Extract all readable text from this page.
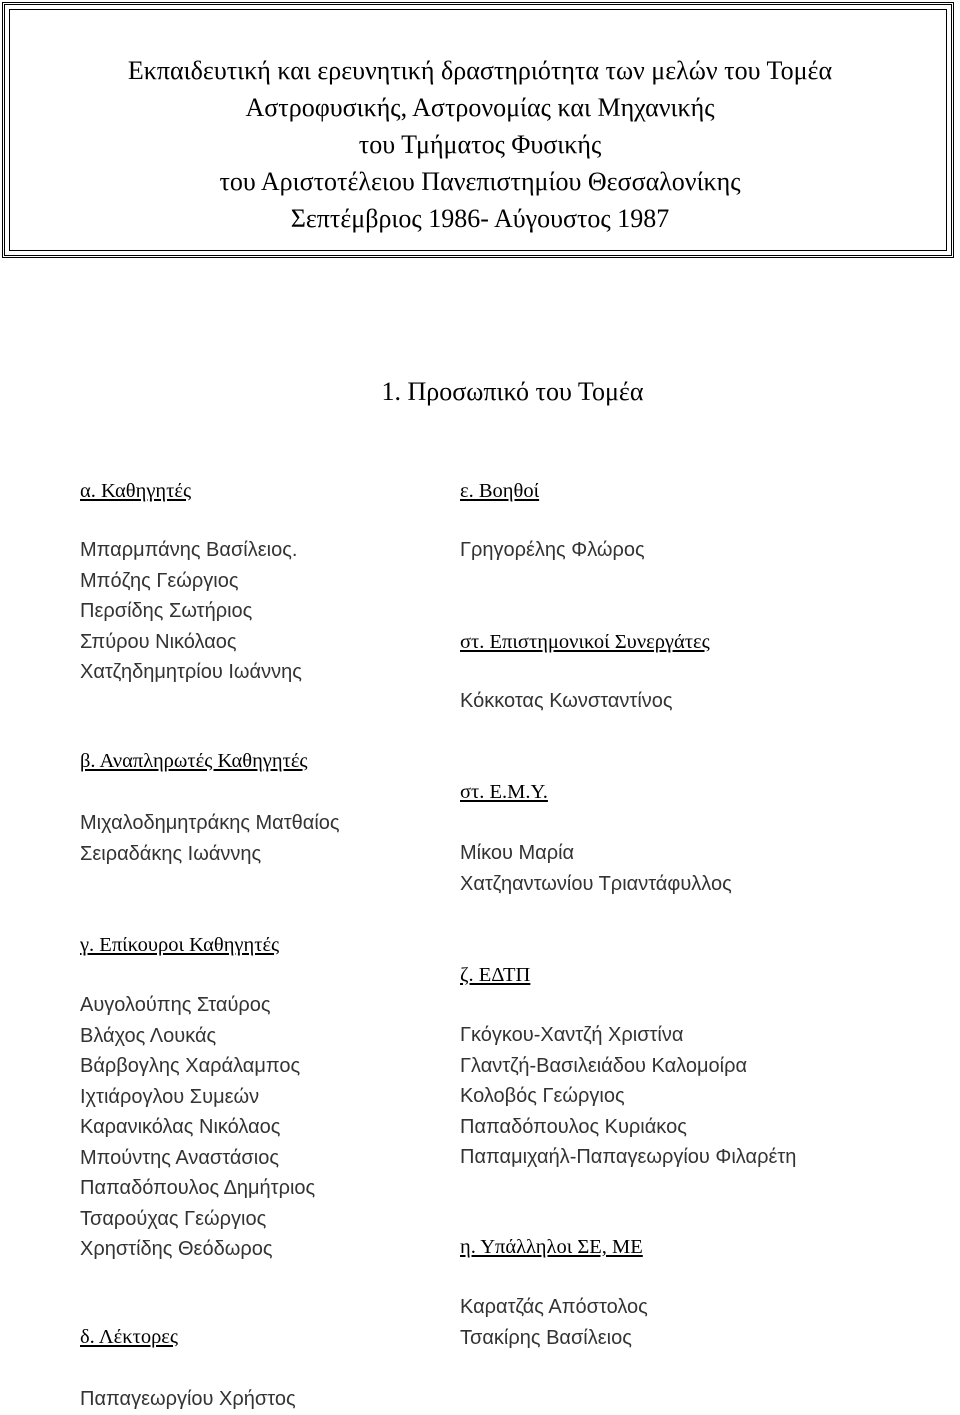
Εκπαιδευτική και ερευνητική δραστηριότητα των μελών του Τομέα
Αστροφυσικής, Αστρονομίας και Μηχανικής
του Τμήματος Φυσικής
του Αριστοτέλειου Πανεπιστημίου Θεσσαλονίκης
Σεπτέμβριος 1986- Αύγουστος 1987
1. Προσωπικό του Τομέα
α. Καθηγητές
Μπαρμπάνης Βασίλειος.
Μπόζης Γεώργιος
Περσίδης Σωτήριος
Σπύρου Νικόλαος
Χατζηδημητρίου Ιωάννης
β. Αναπληρωτές Καθηγητές
Μιχαλοδημητράκης Ματθαίος
Σειραδάκης Ιωάννης
γ. Επίκουροι Καθηγητές
Αυγολούπης Σταύρος
Βλάχος Λουκάς
Βάρβογλης Χαράλαμπος
Ιχτιάρογλου Συμεών
Καρανικόλας Νικόλαος
Μπούντης Αναστάσιος
Παπαδόπουλος Δημήτριος
Τσαρούχας Γεώργιος
Χρηστίδης Θεόδωρος
δ. Λέκτορες
Παπαγεωργίου Χρήστος
ε. Βοηθοί
Γρηγορέλης Φλώρος
στ. Επιστημονικοί Συνεργάτες
Κόκκοτας Κωνσταντίνος
στ. Ε.Μ.Υ.
Μίκου Μαρία
Χατζηαντωνίου Τριαντάφυλλος
ζ. ΕΔΤΠ
Γκόγκου-Χαντζή Χριστίνα
Γλαντζή-Βασιλειάδου Καλομοίρα
Κολοβός Γεώργιος
Παπαδόπουλος Κυριάκος
Παπαμιχαήλ-Παπαγεωργίου Φιλαρέτη
η. Υπάλληλοι ΣΕ, ΜΕ
Καρατζάς Απόστολος
Τσακίρης Βασίλειος
